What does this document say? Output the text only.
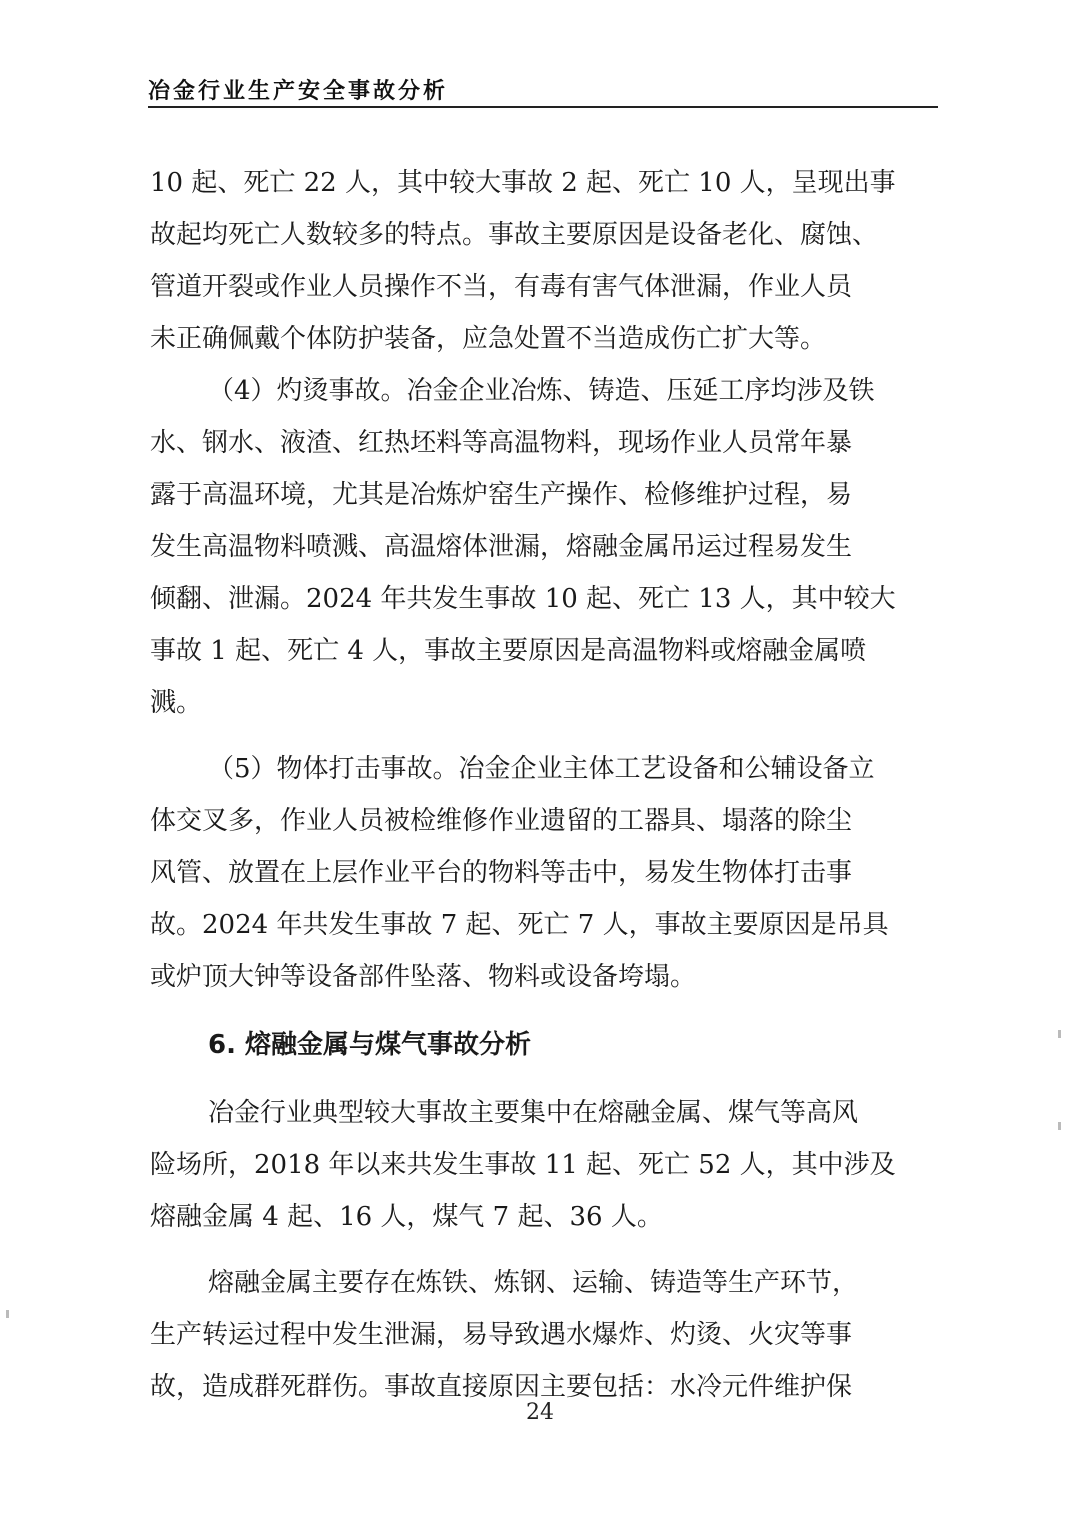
冶金行业生产安全事故分析
10 起、死亡 22 人，其中较大事故 2 起、死亡 10 人，呈现出事
故起均死亡人数较多的特点。事故主要原因是设备老化、腐蚀、
管道开裂或作业人员操作不当，有毒有害气体泄漏，作业人员
未正确佩戴个体防护装备，应急处置不当造成伤亡扩大等。
（4）灼烫事故。冶金企业冶炼、铸造、压延工序均涉及铁
水、钢水、液渣、红热坯料等高温物料，现场作业人员常年暴
露于高温环境，尤其是冶炼炉窑生产操作、检修维护过程，易
发生高温物料喷溅、高温熔体泄漏，熔融金属吊运过程易发生
倾翻、泄漏。2024 年共发生事故 10 起、死亡 13 人，其中较大
事故 1 起、死亡 4 人，事故主要原因是高温物料或熔融金属喷
溅。
（5）物体打击事故。冶金企业主体工艺设备和公辅设备立
体交叉多，作业人员被检维修作业遗留的工器具、塌落的除尘
风管、放置在上层作业平台的物料等击中，易发生物体打击事
故。2024 年共发生事故 7 起、死亡 7 人，事故主要原因是吊具
或炉顶大钟等设备部件坠落、物料或设备垮塌。
6. 熔融金属与煤气事故分析
冶金行业典型较大事故主要集中在熔融金属、煤气等高风
险场所，2018 年以来共发生事故 11 起、死亡 52 人，其中涉及
熔融金属 4 起、16 人，煤气 7 起、36 人。
熔融金属主要存在炼铁、炼钢、运输、铸造等生产环节，
生产转运过程中发生泄漏，易导致遇水爆炸、灼烫、火灾等事
故，造成群死群伤。事故直接原因主要包括：水冷元件维护保
24
